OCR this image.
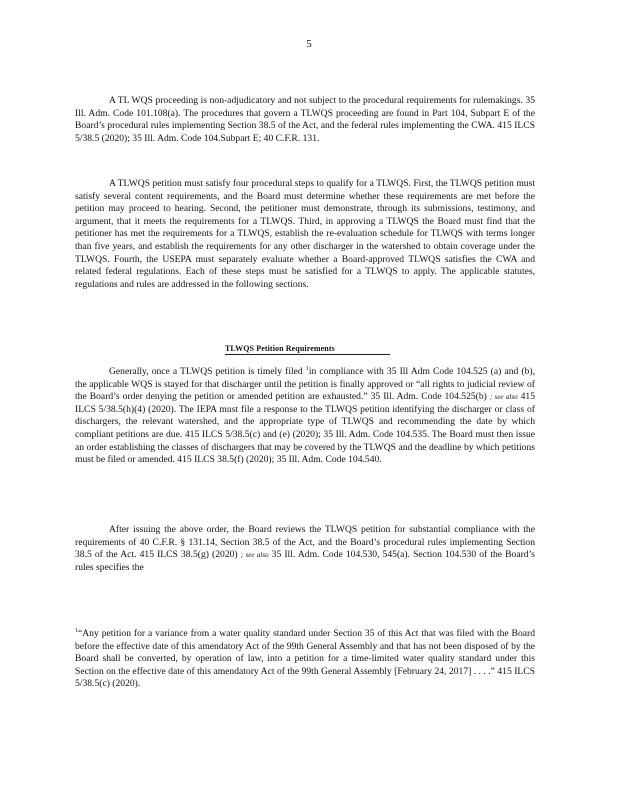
5

A TL WQS proceeding is non-adjudicatory and not subject to the procedural requirements for rulemakings. 35 Ill. Adm. Code 101.108(a). The procedures that govern a TLWQS proceeding are found in Part 104, Subpart E of the Board’s procedural rules implementing Section 38.5 of the Act, and the federal rules implementing the CWA. 415 ILCS 5/38.5 (2020); 35 Ill. Adm. Code 104.Subpart E; 40 C.F.R. 131.

A TLWQS petition must satisfy four procedural steps to qualify for a TLWQS. First, the TLWQS petition must satisfy several content requirements, and the Board must determine whether these requirements are met before the petition may proceed to hearing. Second, the petitioner must demonstrate, through its submissions, testimony, and argument, that it meets the requirements for a TLWQS. Third, in approving a TLWQS the Board must find that the petitioner has met the requirements for a TLWQS, establish the re-evaluation schedule for TLWQS with terms longer than five years, and establish the requirements for any other discharger in the watershed to obtain coverage under the TLWQS. Fourth, the USEPA must separately evaluate whether a Board-approved TLWQS satisfies the CWA and related federal regulations. Each of these steps must be satisfied for a TLWQS to apply. The applicable statutes, regulations and rules are addressed in the following sections.

TLWQS Petition Requirements

Generally, once a TLWQS petition is timely filed $^1$in compliance with 35 Ill Adm Code 104.525 (a) and (b), the applicable WQS is stayed for that discharger until the petition is finally approved or “all rights to judicial review of the Board’s order denying the petition or amended petition are exhausted.” 35 Ill. Adm. Code 104.525(b) ; see also 415 ILCS 5/38.5(h)(4) (2020). The IEPA must file a response to the TLWQS petition identifying the discharger or class of dischargers, the relevant watershed, and the appropriate type of TLWQS and recommending the date by which compliant petitions are due. 415 ILCS 5/38.5(c) and (e) (2020); 35 Ill. Adm. Code 104.535. The Board must then issue an order establishing the classes of dischargers that may be covered by the TLWQS and the deadline by which petitions must be filed or amended. 415 ILCS 38.5(f) (2020); 35 Ill. Adm. Code 104.540.

After issuing the above order, the Board reviews the TLWQS petition for substantial compliance with the requirements of 40 C.F.R. § 131.14, Section 38.5 of the Act, and the Board’s procedural rules implementing Section 38.5 of the Act. 415 ILCS 38.5(g) (2020) ; see also 35 Ill. Adm. Code 104.530, 545(a). Section 104.530 of the Board’s rules specifies the

$^1$“Any petition for a variance from a water quality standard under Section 35 of this Act that was filed with the Board before the effective date of this amendatory Act of the 99th General Assembly and that has not been disposed of by the Board shall be converted, by operation of law, into a petition for a time-limited water quality standard under this Section on the effective date of this amendatory Act of the 99th General Assembly [February 24, 2017] . . . .” 415 ILCS 5/38.5(c) (2020).
